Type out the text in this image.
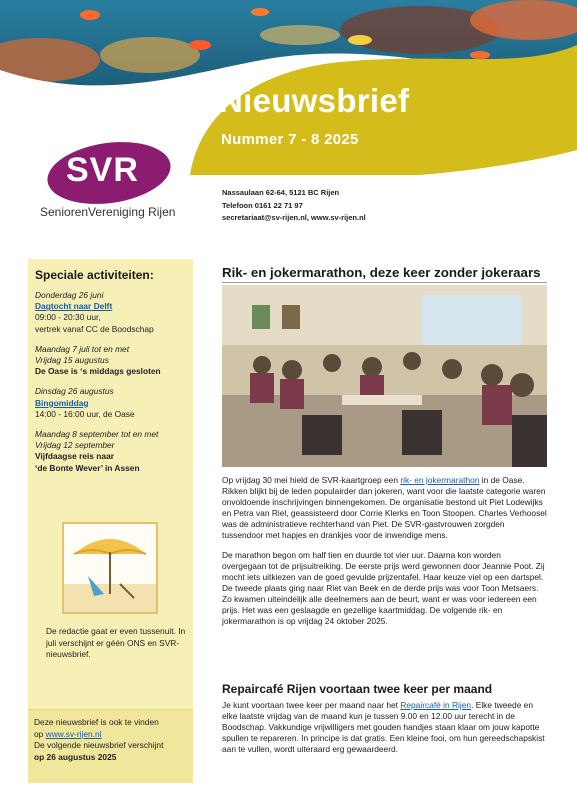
Nieuwsbrief
Nummer 7 - 8 2025
SVR
SeniorenVereniging Rijen
Nassaulaan 62-64, 5121 BC Rijen
Telefoon 0161 22 71 97
secretariaat@sv-rijen.nl, www.sv-rijen.nl
Speciale activiteiten:
Donderdag 26 juni
Dagtocht naar Delft
09:00 - 20:30 uur,
vertrek vanaf CC de Boodschap
Maandag 7 juli tot en met
Vrijdag 15 augustus
De Oase is ‘s middags gesloten
Dinsdag 26 augustus
Bingomiddag
14:00 - 16:00 uur, de Oase
Maandag 8 september tot en met
Vrijdag 12 september
Vijfdaagse reis naar
‘de Bonte Wever’ in Assen
De redactie gaat er even tussenuit. In juli verschijnt er géén ONS en SVR-nieuwsbrief.
Deze nieuwsbrief is ook te vinden
op www.sv-rijen.nl
De volgende nieuwsbrief verschijnt
op 26 augustus 2025
Rik- en jokermarathon, deze keer zonder jokeraars

Op vrijdag 30 mei hield de SVR-kaartgroep een rik- en jokermarathon in de Oase. Rikken blijkt bij de leden populairder dan jokeren, want voor die laatste categorie waren onvoldoende inschrijvingen binnengekomen. De organisatie bestond uit Piet Lodewijks en Petra van Riel, geassisteerd door Corrie Klerks en Toon Stoopen. Charles Verhoosel was de administratieve rechterhand van Piet. De SVR-gastvrouwen zorgden tussendoor met hapjes en drankjes voor de inwendige mens.

De marathon begon om half tien en duurde tot vier uur. Daarna kon worden overgegaan tot de prijsuitreiking. De eerste prijs werd gewonnen door Jeannie Poot. Zij mocht iets uitkiezen van de goed gevulde prijzentafel. Haar keuze viel op een dartspel. De tweede plaats ging naar Riet van Beek en de derde prijs was voor Toon Metsaers. Zo kwamen uiteindelijk alle deelnemers aan de beurt, want er was voor iedereen een prijs. Het was een geslaagde en gezellige kaartmiddag. De volgende rik- en jokermarathon is op vrijdag 24 oktober 2025.

Repaircafé Rijen voortaan twee keer per maand

Je kunt voortaan twee keer per maand naar het Repaircafé in Rijen. Elke tweede en elke laatste vrijdag van de maand kun je tussen 9.00 en 12.00 uur terecht in de Boodschap. Vakkundige vrijwilligers met gouden handjes staan klaar om jouw kapotte spullen te repareren. In principe is dat gratis. Een kleine fooi, om hun gereedschapskist aan te vullen, wordt uiteraard erg gewaardeerd.
